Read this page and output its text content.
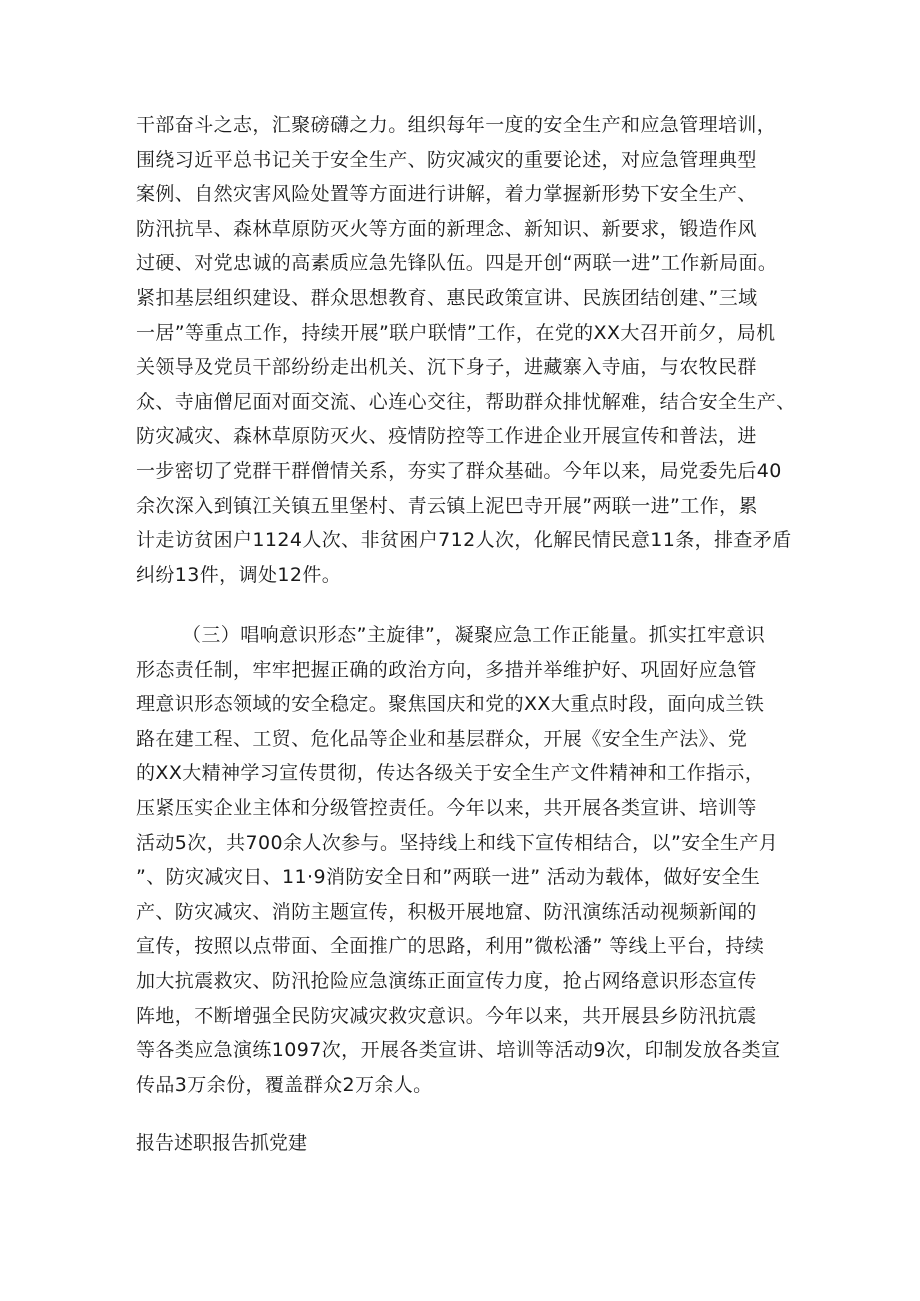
干部奋斗之志，汇聚磅礴之力。组织每年一度的安全生产和应急管理培训，
围绕习近平总书记关于安全生产、防灾减灾的重要论述，对应急管理典型
案例、自然灾害风险处置等方面进行讲解，着力掌握新形势下安全生产、
防汛抗旱、森林草原防灭火等方面的新理念、新知识、新要求，锻造作风
过硬、对党忠诚的高素质应急先锋队伍。四是开创“两联一进”工作新局面。
紧扣基层组织建设、群众思想教育、惠民政策宣讲、民族团结创建、”三域
一居”等重点工作，持续开展”联户联情”工作，在党的XX大召开前夕，局机
关领导及党员干部纷纷走出机关、沉下身子，进藏寨入寺庙，与农牧民群
众、寺庙僧尼面对面交流、心连心交往，帮助群众排忧解难，结合安全生产、
防灾减灾、森林草原防灭火、疫情防控等工作进企业开展宣传和普法，进
一步密切了党群干群僧情关系，夯实了群众基础。今年以来，局党委先后40
余次深入到镇江关镇五里堡村、青云镇上泥巴寺开展”两联一进”工作，累
计走访贫困户1124人次、非贫困户712人次，化解民情民意11条，排查矛盾
纠纷13件，调处12件。
（三）唱响意识形态”主旋律”，凝聚应急工作正能量。抓实扛牢意识
形态责任制，牢牢把握正确的政治方向，多措并举维护好、巩固好应急管
理意识形态领域的安全稳定。聚焦国庆和党的XX大重点时段，面向成兰铁
路在建工程、工贸、危化品等企业和基层群众，开展《安全生产法》、党
的XX大精神学习宣传贯彻，传达各级关于安全生产文件精神和工作指示，
压紧压实企业主体和分级管控责任。今年以来，共开展各类宣讲、培训等
活动5次，共700余人次参与。坚持线上和线下宣传相结合，以”安全生产月
”、防灾减灾日、11·9消防安全日和”两联一进” 活动为载体，做好安全生
产、防灾减灾、消防主题宣传，积极开展地窟、防汛演练活动视频新闻的
宣传，按照以点带面、全面推广的思路，利用”微松潘” 等线上平台，持续
加大抗震救灾、防汛抢险应急演练正面宣传力度，抢占网络意识形态宣传
阵地，不断增强全民防灾减灾救灾意识。今年以来，共开展县乡防汛抗震
等各类应急演练1097次，开展各类宣讲、培训等活动9次，印制发放各类宣
传品3万余份，覆盖群众2万余人。
报告述职报告抓党建
